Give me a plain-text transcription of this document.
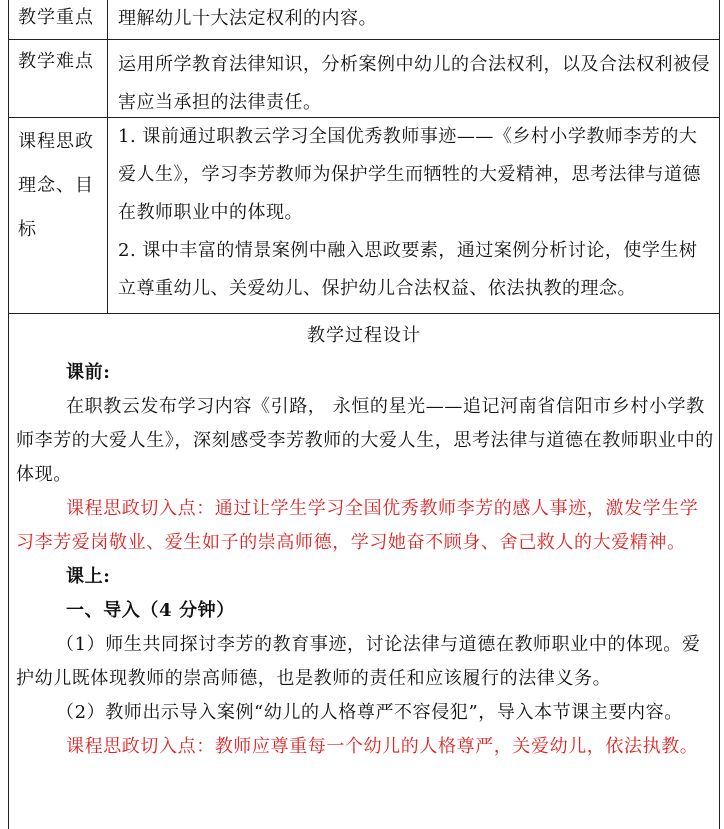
教学重点	理解幼儿十大法定权利的内容。
教学难点	运用所学教育法律知识，分析案例中幼儿的合法权利，以及合法权利被侵害应当承担的法律责任。
课程思政理念、目标
1. 课前通过职教云学习全国优秀教师事迹——《乡村小学教师李芳的大爱人生》，学习李芳教师为保护学生而牺牲的大爱精神，思考法律与道德在教师职业中的体现。
2. 课中丰富的情景案例中融入思政要素，通过案例分析讨论，使学生树立尊重幼儿、关爱幼儿、保护幼儿合法权益、依法执教的理念。
教学过程设计

课前:

在职教云发布学习内容《引路， 永恒的星光——追记河南省信阳市乡村小学教师李芳的大爱人生》，深刻感受李芳教师的大爱人生，思考法律与道德在教师职业中的体现。

课程思政切入点：通过让学生学习全国优秀教师李芳的感人事迹，激发学生学习李芳爱岗敬业、爱生如子的崇高师德，学习她奋不顾身、舍己救人的大爱精神。

课上:

一、导入（4 分钟）

（1）师生共同探讨李芳的教育事迹，讨论法律与道德在教师职业中的体现。爱护幼儿既体现教师的崇高师德，也是教师的责任和应该履行的法律义务。

（2）教师出示导入案例“幼儿的人格尊严不容侵犯”，导入本节课主要内容。

课程思政切入点：教师应尊重每一个幼儿的人格尊严，关爱幼儿，依法执教。
